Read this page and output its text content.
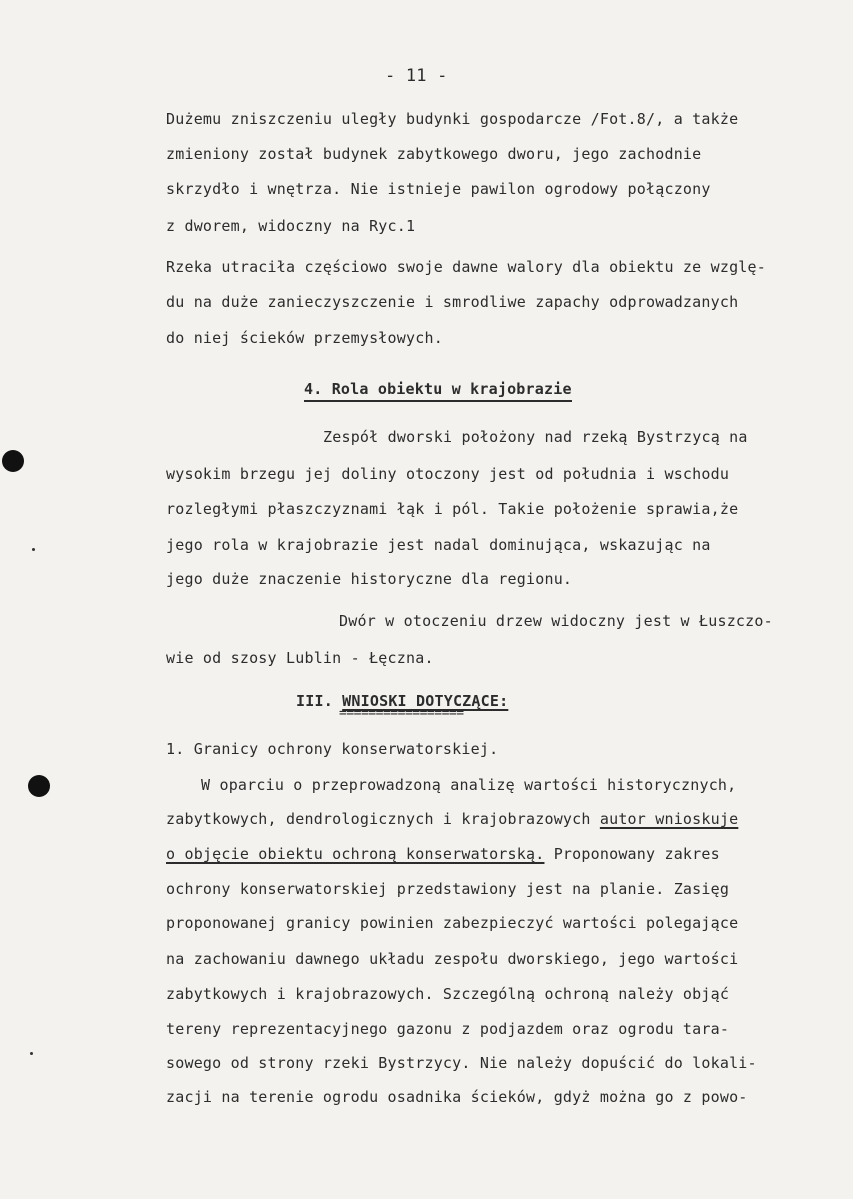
- 11 -
Dużemu zniszczeniu uległy budynki gospodarcze /Fot.8/, a także
zmieniony został budynek zabytkowego dworu, jego zachodnie
skrzydło i wnętrza. Nie istnieje pawilon ogrodowy połączony
z dworem, widoczny na Ryc.1
Rzeka utraciła częściowo swoje dawne walory dla obiektu ze wzglę-
du na duże zanieczyszczenie i smrodliwe zapachy odprowadzanych
do niej ścieków przemysłowych.
4. Rola obiektu w krajobrazie
Zespół dworski położony nad rzeką Bystrzycą na
wysokim brzegu jej doliny otoczony jest od południa i wschodu
rozległymi płaszczyznami łąk i pól. Takie położenie sprawia,że
jego rola w krajobrazie jest nadal dominująca, wskazując na
jego duże znaczenie historyczne dla regionu.
Dwór w otoczeniu drzew widoczny jest w Łuszczo-
wie od szosy Lublin - Łęczna.
III. WNIOSKI DOTYCZĄCE:
=================
1. Granicy ochrony konserwatorskiej.
W oparciu o przeprowadzoną analizę wartości historycznych,
zabytkowych, dendrologicznych i krajobrazowych autor wnioskuje
o objęcie obiektu ochroną konserwatorską. Proponowany zakres
ochrony konserwatorskiej przedstawiony jest na planie. Zasięg
proponowanej granicy powinien zabezpieczyć wartości polegające
na zachowaniu dawnego układu zespołu dworskiego, jego wartości
zabytkowych i krajobrazowych. Szczególną ochroną należy objąć
tereny reprezentacyjnego gazonu z podjazdem oraz ogrodu tara-
sowego od strony rzeki Bystrzycy. Nie należy dopuścić do lokali-
zacji na terenie ogrodu osadnika ścieków, gdyż można go z powo-
